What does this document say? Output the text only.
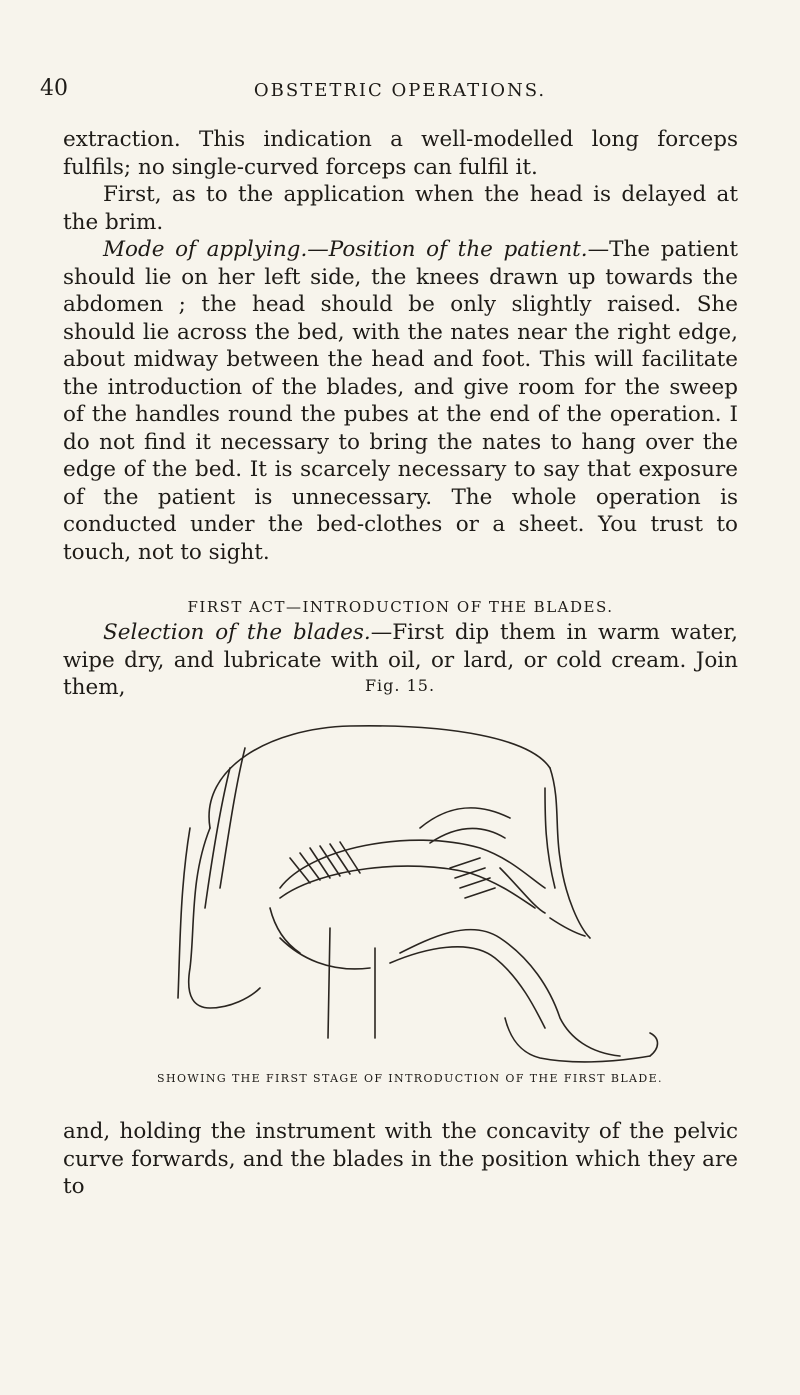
40	OBSTETRIC OPERATIONS.

extraction. This indication a well-modelled long forceps fulfils; no single-curved forceps can fulfil it.

First, as to the application when the head is delayed at the brim.

Mode of applying.—Position of the patient.—The patient should lie on her left side, the knees drawn up towards the abdomen ; the head should be only slightly raised. She should lie across the bed, with the nates near the right edge, about midway between the head and foot. This will facilitate the introduction of the blades, and give room for the sweep of the handles round the pubes at the end of the operation. I do not find it necessary to bring the nates to hang over the edge of the bed. It is scarcely necessary to say that exposure of the patient is unnecessary. The whole operation is conducted under the bed-clothes or a sheet. You trust to touch, not to sight.

FIRST ACT—INTRODUCTION OF THE BLADES.

Selection of the blades.—First dip them in warm water, wipe dry, and lubricate with oil, or lard, or cold cream. Join them,	Fig. 15.
SHOWING THE FIRST STAGE OF INTRODUCTION OF THE FIRST BLADE.

and, holding the instrument with the concavity of the pelvic curve forwards, and the blades in the position which they are to
